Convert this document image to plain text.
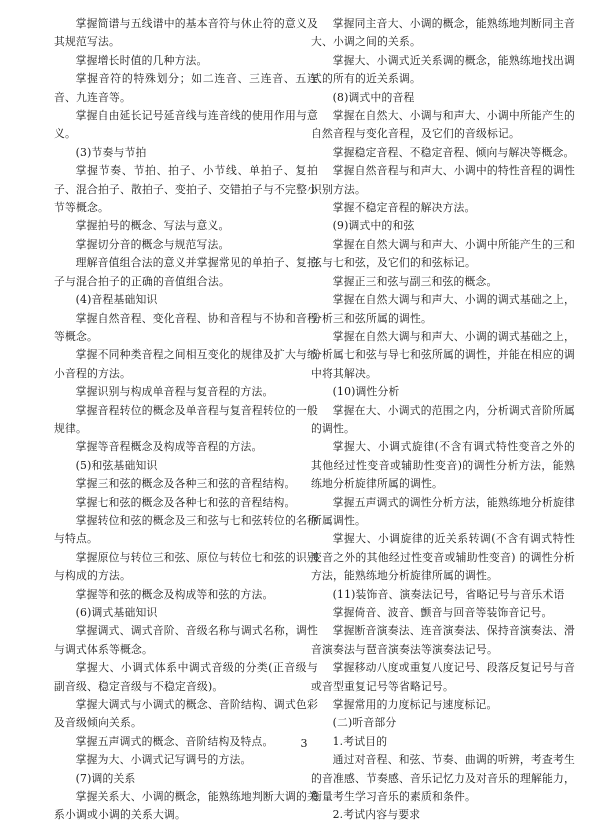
掌握简谱与五线谱中的基本音符与休止符的意义及其规范写法。

掌握增长时值的几种方法。

掌握音符的特殊划分；如二连音、三连音、五连音、九连音等。

掌握自由延长记号延音线与连音线的使用作用与意义。

(3)节奏与节拍

掌握节奏、节拍、拍子、小节线、单拍子、复拍子、混合拍子、散拍子、变拍子、交错拍子与不完整小节等概念。

掌握拍号的概念、写法与意义。

掌握切分音的概念与规范写法。

理解音值组合法的意义并掌握常见的单拍子、复拍子与混合拍子的正确的音值组合法。

(4)音程基础知识

掌握自然音程、变化音程、协和音程与不协和音程等概念。

掌握不同种类音程之间相互变化的规律及扩大与缩小音程的方法。

掌握识别与构成单音程与复音程的方法。

掌握音程转位的概念及单音程与复音程转位的一般规律。

掌握等音程概念及构成等音程的方法。

(5)和弦基础知识

掌握三和弦的概念及各种三和弦的音程结构。

掌握七和弦的概念及各种七和弦的音程结构。

掌握转位和弦的概念及三和弦与七和弦转位的名称与特点。

掌握原位与转位三和弦、原位与转位七和弦的识别与构成的方法。

掌握等和弦的概念及构成等和弦的方法。

(6)调式基础知识

掌握调式、调式音阶、音级名称与调式名称，调性与调式体系等概念。

掌握大、小调式体系中调式音级的分类(正音级与副音级、稳定音级与不稳定音级)。

掌握大调式与小调式的概念、音阶结构、调式色彩及音级倾向关系。

掌握五声调式的概念、音阶结构及特点。

掌握为大、小调式记写调号的方法。

(7)调的关系

掌握关系大、小调的概念，能熟练地判断大调的关系小调或小调的关系大调。

掌握同主音大、小调的概念，能熟练地判断同主音大、小调之间的关系。

掌握大、小调式近关系调的概念，能熟练地找出调式的所有的近关系调。

(8)调式中的音程

掌握在自然大、小调与和声大、小调中所能产生的自然音程与变化音程，及它们的音级标记。

掌握稳定音程、不稳定音程、倾向与解决等概念。

掌握自然音程与和声大、小调中的特性音程的调性识别方法。

掌握不稳定音程的解决方法。

(9)调式中的和弦

掌握在自然大调与和声大、小调中所能产生的三和弦与七和弦，及它们的和弦标记。

掌握正三和弦与副三和弦的概念。

掌握在自然大调与和声大、小调的调式基础之上，分析三和弦所属的调性。

掌握在自然大调与和声大、小调的调式基础之上，分析属七和弦与导七和弦所属的调性，并能在相应的调中将其解决。

(10)调性分析

掌握在大、小调式的范围之内，分析调式音阶所属的调性。

掌握大、小调式旋律(不含有调式特性变音之外的其他经过性变音或辅助性变音)的调性分析方法，能熟练地分析旋律所属的调性。

掌握五声调式的调性分析方法，能熟练地分析旋律所属调性。

掌握大、小调旋律的近关系转调(不含有调式特性变音之外的其他经过性变音或辅助性变音) 的调性分析方法，能熟练地分析旋律所属的调性。

(11)装饰音、演奏法记号，省略记号与音乐术语

掌握倚音、波音、颤音与回音等装饰音记号。

掌握断音演奏法、连音演奏法、保持音演奏法、滑音演奏法与琶音演奏法等演奏法记号。

掌握移动八度或重复八度记号、段落反复记号与音或音型重复记号等省略记号。

掌握常用的力度标记与速度标记。

(二)听音部分

1.考试目的

通过对音程、和弦、节奏、曲调的听辨，考查考生的音准感、节奏感、音乐记忆力及对音乐的理解能力，衡量考生学习音乐的素质和条件。

2.考试内容与要求

3
